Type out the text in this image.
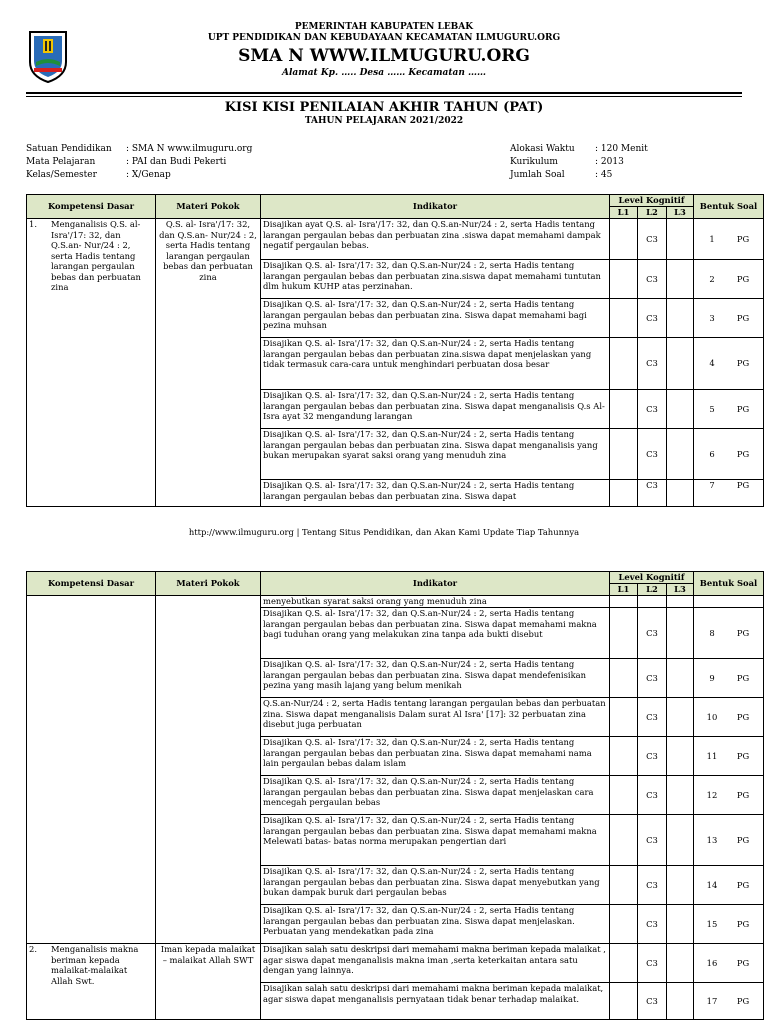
PEMERINTAH KABUPATEN LEBAK
UPT PENDIDIKAN DAN KEBUDAYAAN KECAMATAN ILMUGURU.ORG
SMA N WWW.ILMUGURU.ORG
Alamat Kp. ….. Desa …… Kecamatan ……
KISI KISI PENILAIAN AKHIR TAHUN (PAT)
TAHUN PELAJARAN 2021/2022
Satuan Pendidikan	: SMA N www.ilmuguru.org
Mata Pelajaran	: PAI dan Budi Pekerti
Kelas/Semester	: X/Genap
Alokasi Waktu	: 120 Menit
Kurikulum	: 2013
Jumlah Soal	: 45
Kompetensi Dasar	Materi Pokok	Indikator	Level Kognitif			Bentuk Soal
			L1	L2	L3	
1. Menganalisis Q.S. al-Isra'/17: 32, dan Q.S.an- Nur/24 : 2, serta Hadis tentang larangan pergaulan bebas dan perbuatan zina	Q.S. al- Isra'/17: 32, dan Q.S.an- Nur/24 : 2, serta Hadis tentang larangan pergaulan bebas dan perbuatan zina	Disajikan ayat Q.S. al- Isra'/17: 32, dan Q.S.an-Nur/24 : 2, serta Hadis tentang larangan pergaulan bebas dan perbuatan zina .siswa dapat memahami dampak negatif pergaulan bebas.		C3		1 PG
		Disajikan Q.S. al- Isra'/17: 32, dan Q.S.an-Nur/24 : 2, serta Hadis tentang larangan pergaulan bebas dan perbuatan zina.siswa dapat memahami tuntutan dlm hukum KUHP atas perzinahan.		C3		2 PG
		Disajikan Q.S. al- Isra'/17: 32, dan Q.S.an-Nur/24 : 2, serta Hadis tentang larangan pergaulan bebas dan perbuatan zina. Siswa dapat memahami bagi pezina muhsan		C3		3 PG
		Disajikan Q.S. al- Isra'/17: 32, dan Q.S.an-Nur/24 : 2, serta Hadis tentang larangan pergaulan bebas dan perbuatan zina.siswa dapat menjelaskan yang tidak termasuk cara-cara untuk menghindari perbuatan dosa besar		C3		4 PG
		Disajikan Q.S. al- Isra'/17: 32, dan Q.S.an-Nur/24 : 2, serta Hadis tentang larangan pergaulan bebas dan perbuatan zina. Siswa dapat menganalisis Q.s Al- Isra ayat 32 mengandung larangan		C3		5 PG
		Disajikan Q.S. al- Isra'/17: 32, dan Q.S.an-Nur/24 : 2, serta Hadis tentang larangan pergaulan bebas dan perbuatan zina. Siswa dapat menganalisis yang bukan merupakan syarat saksi orang yang menuduh zina		C3		6 PG
		Disajikan Q.S. al- Isra'/17: 32, dan Q.S.an-Nur/24 : 2, serta Hadis tentang larangan pergaulan bebas dan perbuatan zina. Siswa dapat		C3		7 PG
http://www.ilmuguru.org | Tentang Situs Pendidikan, dan Akan Kami Update Tiap Tahunnya
Kompetensi Dasar	Materi Pokok	Indikator	Level Kognitif			Bentuk Soal
			L1	L2	L3	
		menyebutkan syarat saksi orang yang menuduh zina				
		Disajikan Q.S. al- Isra'/17: 32, dan Q.S.an-Nur/24 : 2, serta Hadis tentang larangan pergaulan bebas dan perbuatan zina. Siswa dapat memahami makna bagi tuduhan orang yang melakukan zina tanpa ada bukti disebut		C3		8 PG
		Disajikan Q.S. al- Isra'/17: 32, dan Q.S.an-Nur/24 : 2, serta Hadis tentang larangan pergaulan bebas dan perbuatan zina. Siswa dapat mendefenisikan pezina yang masih lajang yang belum menikah		C3		9 PG
		Q.S.an-Nur/24 : 2, serta Hadis tentang larangan pergaulan bebas dan perbuatan zina. Siswa dapat menganalisis Dalam surat Al Isra' [17]: 32 perbuatan zina disebut juga perbuatan		C3		10 PG
		Disajikan Q.S. al- Isra'/17: 32, dan Q.S.an-Nur/24 : 2, serta Hadis tentang larangan pergaulan bebas dan perbuatan zina. Siswa dapat memahami nama lain pergaulan bebas dalam islam		C3		11 PG
		Disajikan Q.S. al- Isra'/17: 32, dan Q.S.an-Nur/24 : 2, serta Hadis tentang larangan pergaulan bebas dan perbuatan zina. Siswa dapat menjelaskan cara mencegah pergaulan bebas		C3		12 PG
		Disajikan Q.S. al- Isra'/17: 32, dan Q.S.an-Nur/24 : 2, serta Hadis tentang larangan pergaulan bebas dan perbuatan zina. Siswa dapat memahami makna Melewati batas- batas norma merupakan pengertian dari		C3		13 PG
		Disajikan Q.S. al- Isra'/17: 32, dan Q.S.an-Nur/24 : 2, serta Hadis tentang larangan pergaulan bebas dan perbuatan zina. Siswa dapat menyebutkan yang bukan dampak buruk dari pergaulan bebas		C3		14 PG
		Disajikan Q.S. al- Isra'/17: 32, dan Q.S.an-Nur/24 : 2, serta Hadis tentang larangan pergaulan bebas dan perbuatan zina. Siswa dapat menjelaskan. Perbuatan yang mendekatkan pada zina		C3		15 PG
2. Menganalisis makna beriman kepada malaikat-malaikat Allah Swt.	Iman kepada malaikat – malaikat Allah SWT	Disajikan salah satu deskripsi dari memahami makna beriman kepada malaikat , agar siswa dapat menganalisis makna iman ,serta keterkaitan antara satu dengan yang lainnya.		C3		16 PG
		Disajikan salah satu deskripsi dari memahami makna beriman kepada malaikat, agar siswa dapat menganalisis pernyataan tidak benar terhadap malaikat.		C3		17 PG
